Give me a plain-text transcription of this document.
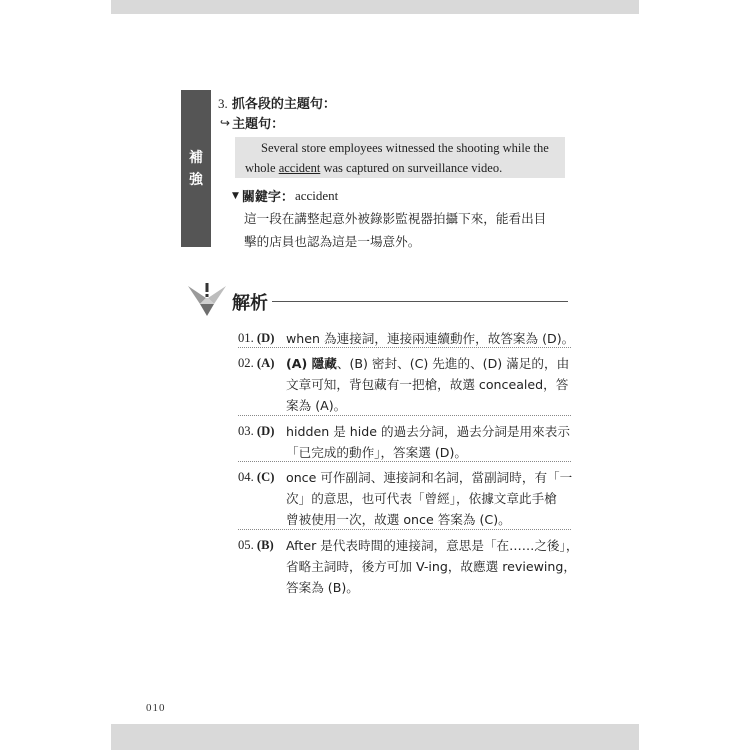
補
強
3. 抓各段的主題句：
↪ 主題句：
Several store employees witnessed the shooting while the
whole accident was captured on surveillance video.
▼ 關鍵字： accident
這一段在講整起意外被錄影監視器拍攝下來，能看出目
擊的店員也認為這是一場意外。
解析
01. (D) when 為連接詞，連接兩連續動作，故答案為 (D)。
02. (A) (A) 隱藏、(B) 密封、(C) 先進的、(D) 滿足的，由
文章可知，背包藏有一把槍，故選 concealed，答
案為 (A)。
03. (D) hidden 是 hide 的過去分詞，過去分詞是用來表示
「已完成的動作」，答案選 (D)。
04. (C) once 可作副詞、連接詞和名詞，當副詞時，有「一
次」的意思，也可代表「曾經」，依據文章此手槍
曾被使用一次，故選 once 答案為 (C)。
05. (B) After 是代表時間的連接詞，意思是「在……之後」，
省略主詞時，後方可加 V-ing，故應選 reviewing，
答案為 (B)。
010
